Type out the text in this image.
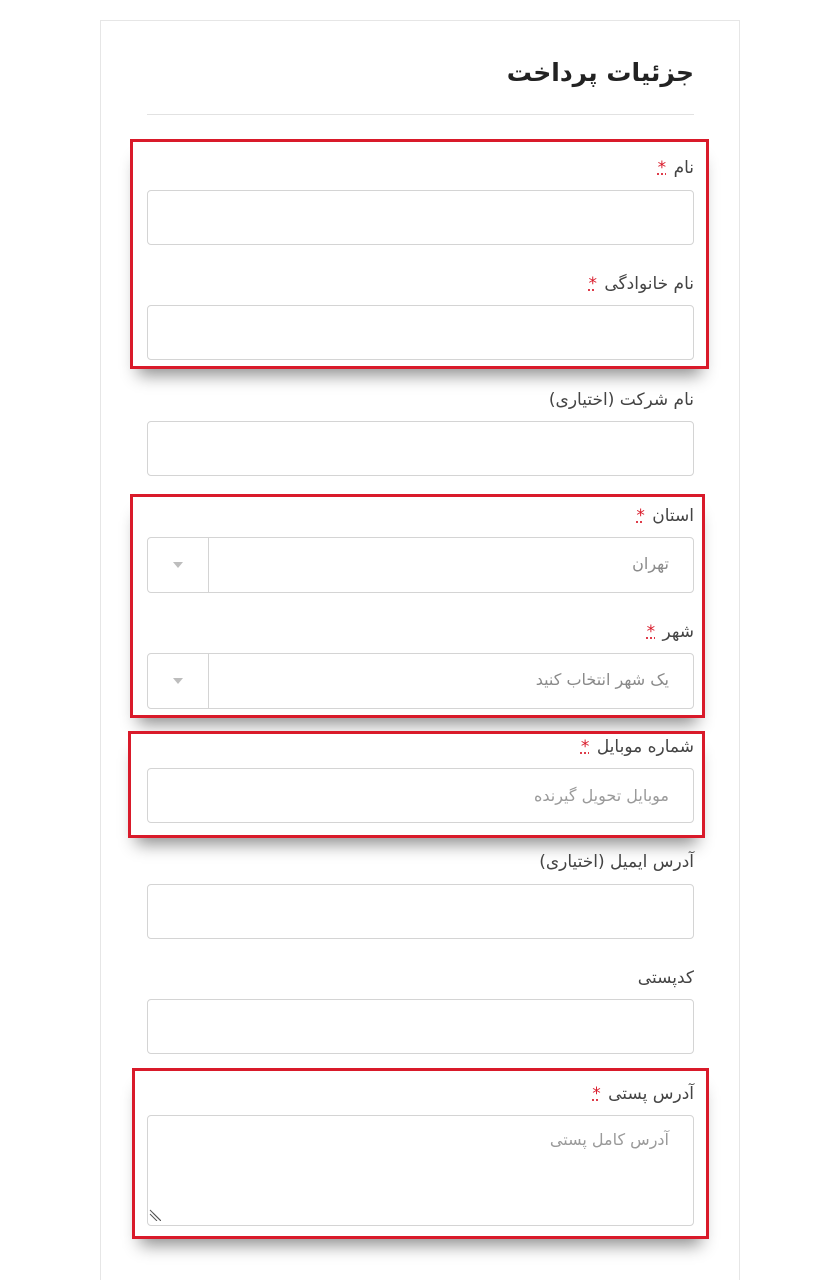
جزئیات پرداخت
نام *
نام خانوادگی *
نام شرکت (اختیاری)
استان *
تهران
شهر *
یک شهر انتخاب کنید
شماره موبایل *
موبایل تحویل گیرنده
آدرس ایمیل (اختیاری)
کدپستی
آدرس پستی *
آدرس کامل پستی
